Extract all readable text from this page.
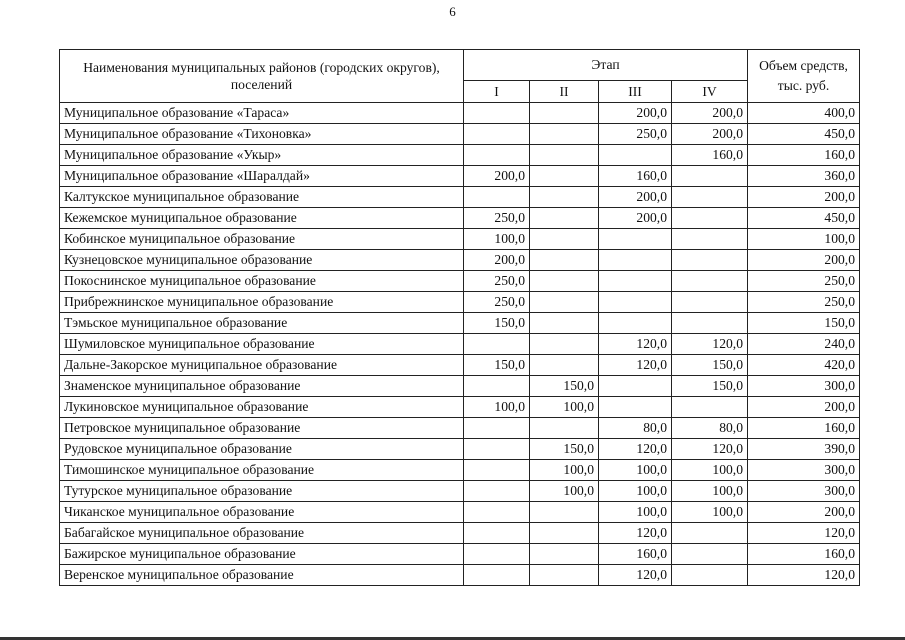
6
Наименования муниципальных районов (городских округов), поселений	Этап				Объем средств, тыс. руб.
	I	II	III	IV	
Муниципальное образование «Тараса»			200,0	200,0	400,0
Муниципальное образование «Тихоновка»			250,0	200,0	450,0
Муниципальное образование «Укыр»				160,0	160,0
Муниципальное образование «Шаралдай»	200,0		160,0		360,0
Калтукское муниципальное образование			200,0		200,0
Кежемское муниципальное образование	250,0		200,0		450,0
Кобинское муниципальное образование	100,0				100,0
Кузнецовское муниципальное образование	200,0				200,0
Покоснинское муниципальное образование	250,0				250,0
Прибрежнинское муниципальное образование	250,0				250,0
Тэмьское муниципальное образование	150,0				150,0
Шумиловское муниципальное образование			120,0	120,0	240,0
Дальне-Закорское муниципальное образование	150,0		120,0	150,0	420,0
Знаменское муниципальное образование		150,0		150,0	300,0
Лукиновское муниципальное образование	100,0	100,0			200,0
Петровское муниципальное образование			80,0	80,0	160,0
Рудовское муниципальное образование		150,0	120,0	120,0	390,0
Тимошинское муниципальное образование		100,0	100,0	100,0	300,0
Тутурское муниципальное образование		100,0	100,0	100,0	300,0
Чиканское муниципальное образование			100,0	100,0	200,0
Бабагайское муниципальное образование			120,0		120,0
Бажирское муниципальное образование			160,0		160,0
Веренское муниципальное образование			120,0		120,0
